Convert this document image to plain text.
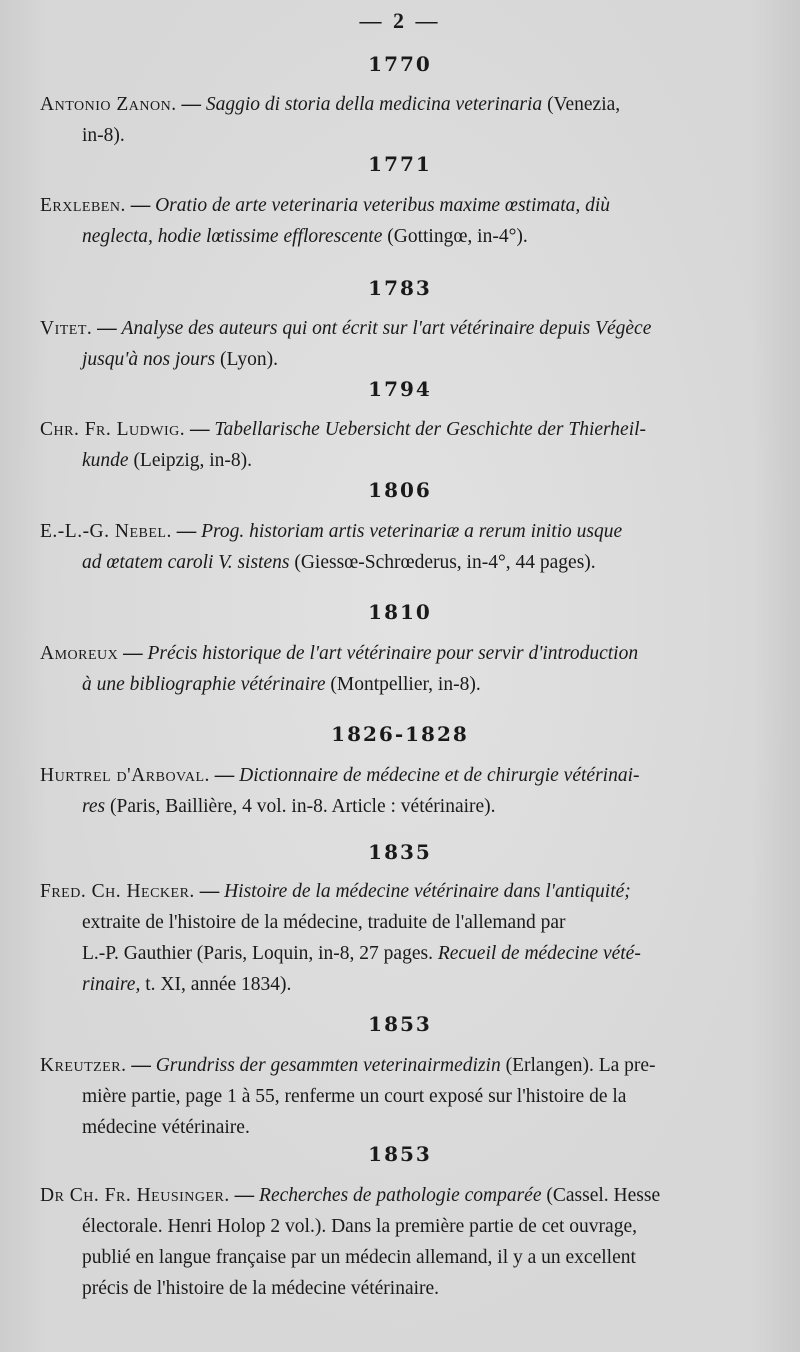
— 2 —
1770
Antonio Zanon. — Saggio di storia della medicina veterinaria (Venezia,
in-8).
1771
Erxleben. — Oratio de arte veterinaria veteribus maxime œstimata, diù
neglecta, hodie lœtissime efflorescente (Gottingœ, in-4°).
1783
Vitet. — Analyse des auteurs qui ont écrit sur l'art vétérinaire depuis Végèce
jusqu'à nos jours (Lyon).
1794
Chr. Fr. Ludwig. — Tabellarische Uebersicht der Geschichte der Thierheil-
kunde (Leipzig, in-8).
1806
E.-L.-G. Nebel. — Prog. historiam artis veterinariæ a rerum initio usque
ad œtatem caroli V. sistens (Giessœ-Schrœderus, in-4°, 44 pages).
1810
Amoreux — Précis historique de l'art vétérinaire pour servir d'introduction
à une bibliographie vétérinaire (Montpellier, in-8).
1826-1828
Hurtrel d'Arboval. — Dictionnaire de médecine et de chirurgie vétérinai-
res (Paris, Baillière, 4 vol. in-8. Article : vétérinaire).
1835
Fred. Ch. Hecker. — Histoire de la médecine vétérinaire dans l'antiquité;
extraite de l'histoire de la médecine, traduite de l'allemand par
L.-P. Gauthier (Paris, Loquin, in-8, 27 pages. Recueil de médecine vété-
rinaire, t. XI, année 1834).
1853
Kreutzer. — Grundriss der gesammten veterinairmedizin (Erlangen). La pre-
mière partie, page 1 à 55, renferme un court exposé sur l'histoire de la
médecine vétérinaire.
1853
Dr Ch. Fr. Heusinger. — Recherches de pathologie comparée (Cassel. Hesse
électorale. Henri Holop 2 vol.). Dans la première partie de cet ouvrage,
publié en langue française par un médecin allemand, il y a un excellent
précis de l'histoire de la médecine vétérinaire.
